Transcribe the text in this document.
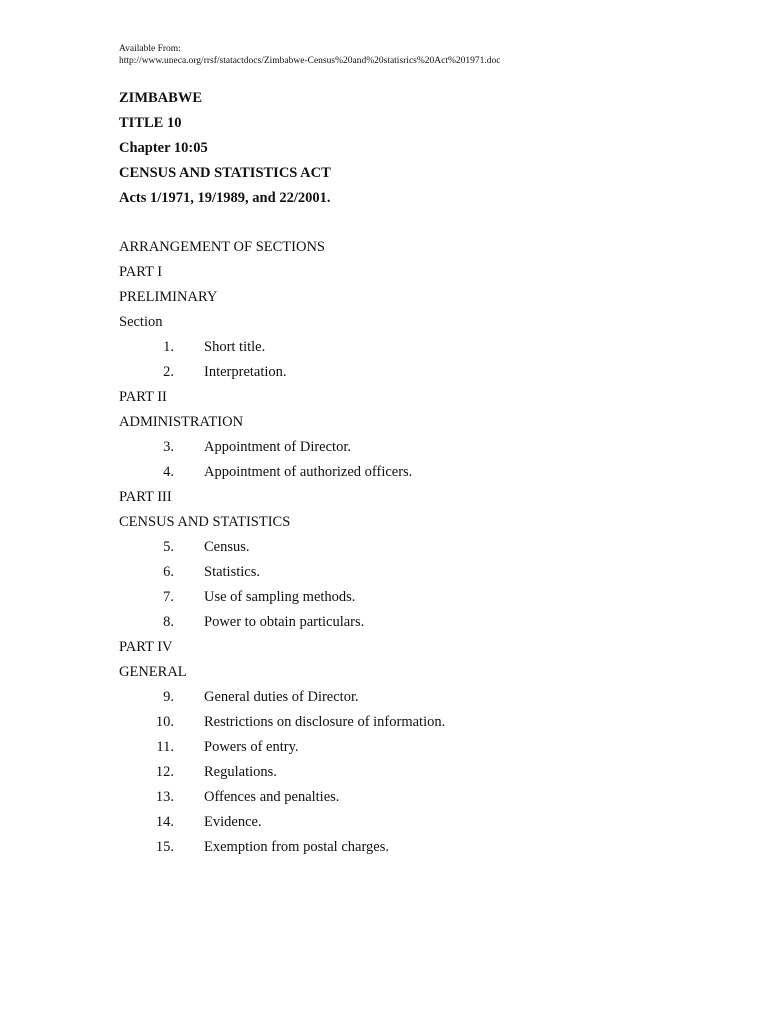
Available From:
http://www.uneca.org/rrsf/statactdocs/Zimbabwe-Census%20and%20statisrics%20Act%201971.doc
ZIMBABWE
TITLE 10
Chapter 10:05
CENSUS AND STATISTICS ACT
Acts 1/1971, 19/1989, and 22/2001.
ARRANGEMENT OF SECTIONS
PART I
PRELIMINARY
Section
1. Short title.
2. Interpretation.
PART II
ADMINISTRATION
3. Appointment of Director.
4. Appointment of authorized officers.
PART III
CENSUS AND STATISTICS
5. Census.
6. Statistics.
7. Use of sampling methods.
8. Power to obtain particulars.
PART IV
GENERAL
9. General duties of Director.
10. Restrictions on disclosure of information.
11. Powers of entry.
12. Regulations.
13. Offences and penalties.
14. Evidence.
15. Exemption from postal charges.
